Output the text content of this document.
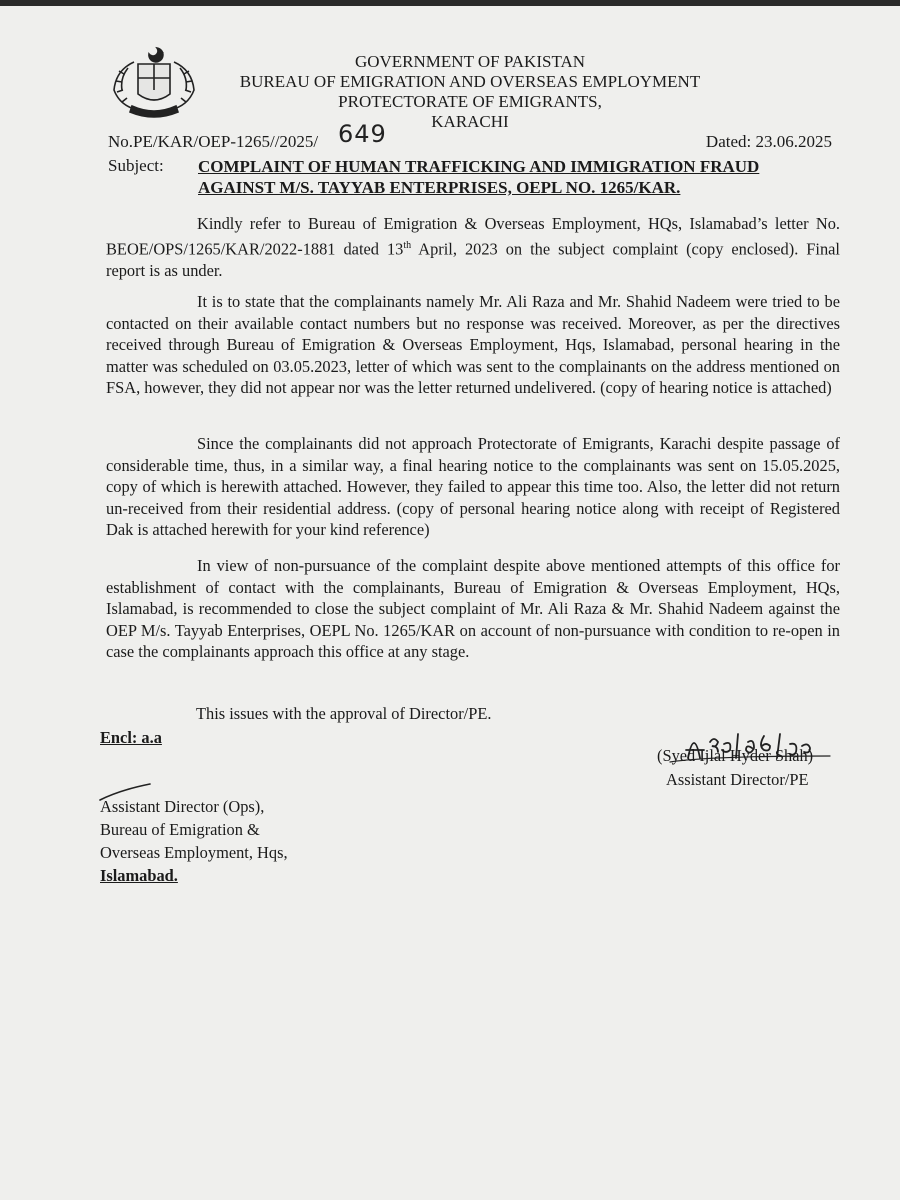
GOVERNMENT OF PAKISTAN
BUREAU OF EMIGRATION AND OVERSEAS EMPLOYMENT
PROTECTORATE OF EMIGRANTS,
KARACHI
No.PE/KAR/OEP-1265//2025/ 649	Dated: 23.06.2025
Subject: COMPLAINT OF HUMAN TRAFFICKING AND IMMIGRATION FRAUD AGAINST M/S. TAYYAB ENTERPRISES, OEPL NO. 1265/KAR.

Kindly refer to Bureau of Emigration & Overseas Employment, HQs, Islamabad’s letter No. BEOE/OPS/1265/KAR/2022-1881 dated 13th April, 2023 on the subject complaint (copy enclosed). Final report is as under.

It is to state that the complainants namely Mr. Ali Raza and Mr. Shahid Nadeem were tried to be contacted on their available contact numbers but no response was received. Moreover, as per the directives received through Bureau of Emigration & Overseas Employment, Hqs, Islamabad, personal hearing in the matter was scheduled on 03.05.2023, letter of which was sent to the complainants on the address mentioned on FSA, however, they did not appear nor was the letter returned undelivered. (copy of hearing notice is attached)

Since the complainants did not approach Protectorate of Emigrants, Karachi despite passage of considerable time, thus, in a similar way, a final hearing notice to the complainants was sent on 15.05.2025, copy of which is herewith attached. However, they failed to appear this time too. Also, the letter did not return un-received from their residential address. (copy of personal hearing notice along with receipt of Registered Dak is attached herewith for your kind reference)

In view of non-pursuance of the complaint despite above mentioned attempts of this office for establishment of contact with the complainants, Bureau of Emigration & Overseas Employment, HQs, Islamabad, is recommended to close the subject complaint of Mr. Ali Raza & Mr. Shahid Nadeem against the OEP M/s. Tayyab Enterprises, OEPL No. 1265/KAR on account of non-pursuance with condition to re-open in case the complainants approach this office at any stage.

This issues with the approval of Director/PE.
Encl: a.a
(Syed Ijlal Hyder Shah)
Assistant Director/PE
Assistant Director (Ops),
Bureau of Emigration &
Overseas Employment, Hqs,
Islamabad.
